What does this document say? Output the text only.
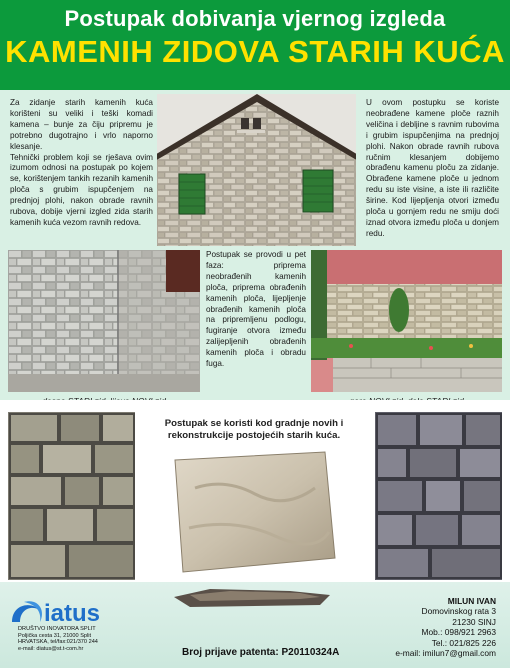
Postupak dobivanja vjernog izgleda
KAMENIH ZIDOVA STARIH KUĆA
Za zidanje starih kamenih kuća korišteni su veliki i teški komadi kamena – bunje za čiju pripremu je potrebno dugotrajno i vrlo naporno klesanje.
Tehnički problem koji se rješava ovim izumom odnosi na postupak po kojem se, korištenjem tankih rezanih kamenih ploča s grubim ispupčenjem na prednjoj plohi, nakon obrade ravnih rubova, dobije vjerni izgled zida starih kamenih kuća vezom ravnih redova.
U ovom postupku se koriste neobrađene kamene ploče raznih veličina i debljine s ravnim rubovima i grubim ispupčenjima na prednjoj plohi. Nakon obrade ravnih rubova ručnim klesanjem dobijemo obrađenu kamenu ploču za zidanje. Obrađene kamene ploče u jednom redu su iste visine, a iste ili različite širine. Kod lijepljenja otvori između ploča u gornjem redu ne smiju doći iznad otvora između ploča u donjem redu.
Postupak se provodi u pet faza: pripremа neobrađenih kamenih ploča, pripremа obrađenih kamenih ploča, lijepljenje obrađenih kamenih ploča na pripremljenu podlogu, fugiranje otvora između zalijepljenih obrađenih kamenih ploča i obradu fuga.
Postupak se koristi kod gradnje novih i rekonstrukcije postojećih starih kuća.
iatus
DRUŠTVO INOVATORA SPLIT
Poljička cesta 31, 21000 Split
HRVATSKA, tel/fax:021/370 244
e-mail: diatus@st.t-com.hr	Broj prijave patenta: P20110324A
MILUN IVAN
Domovinskog rata 3
21230 SINJ
Mob.: 098/921 2963
Tel.: 021/825 226
e-mail: imilun7@gmail.com
